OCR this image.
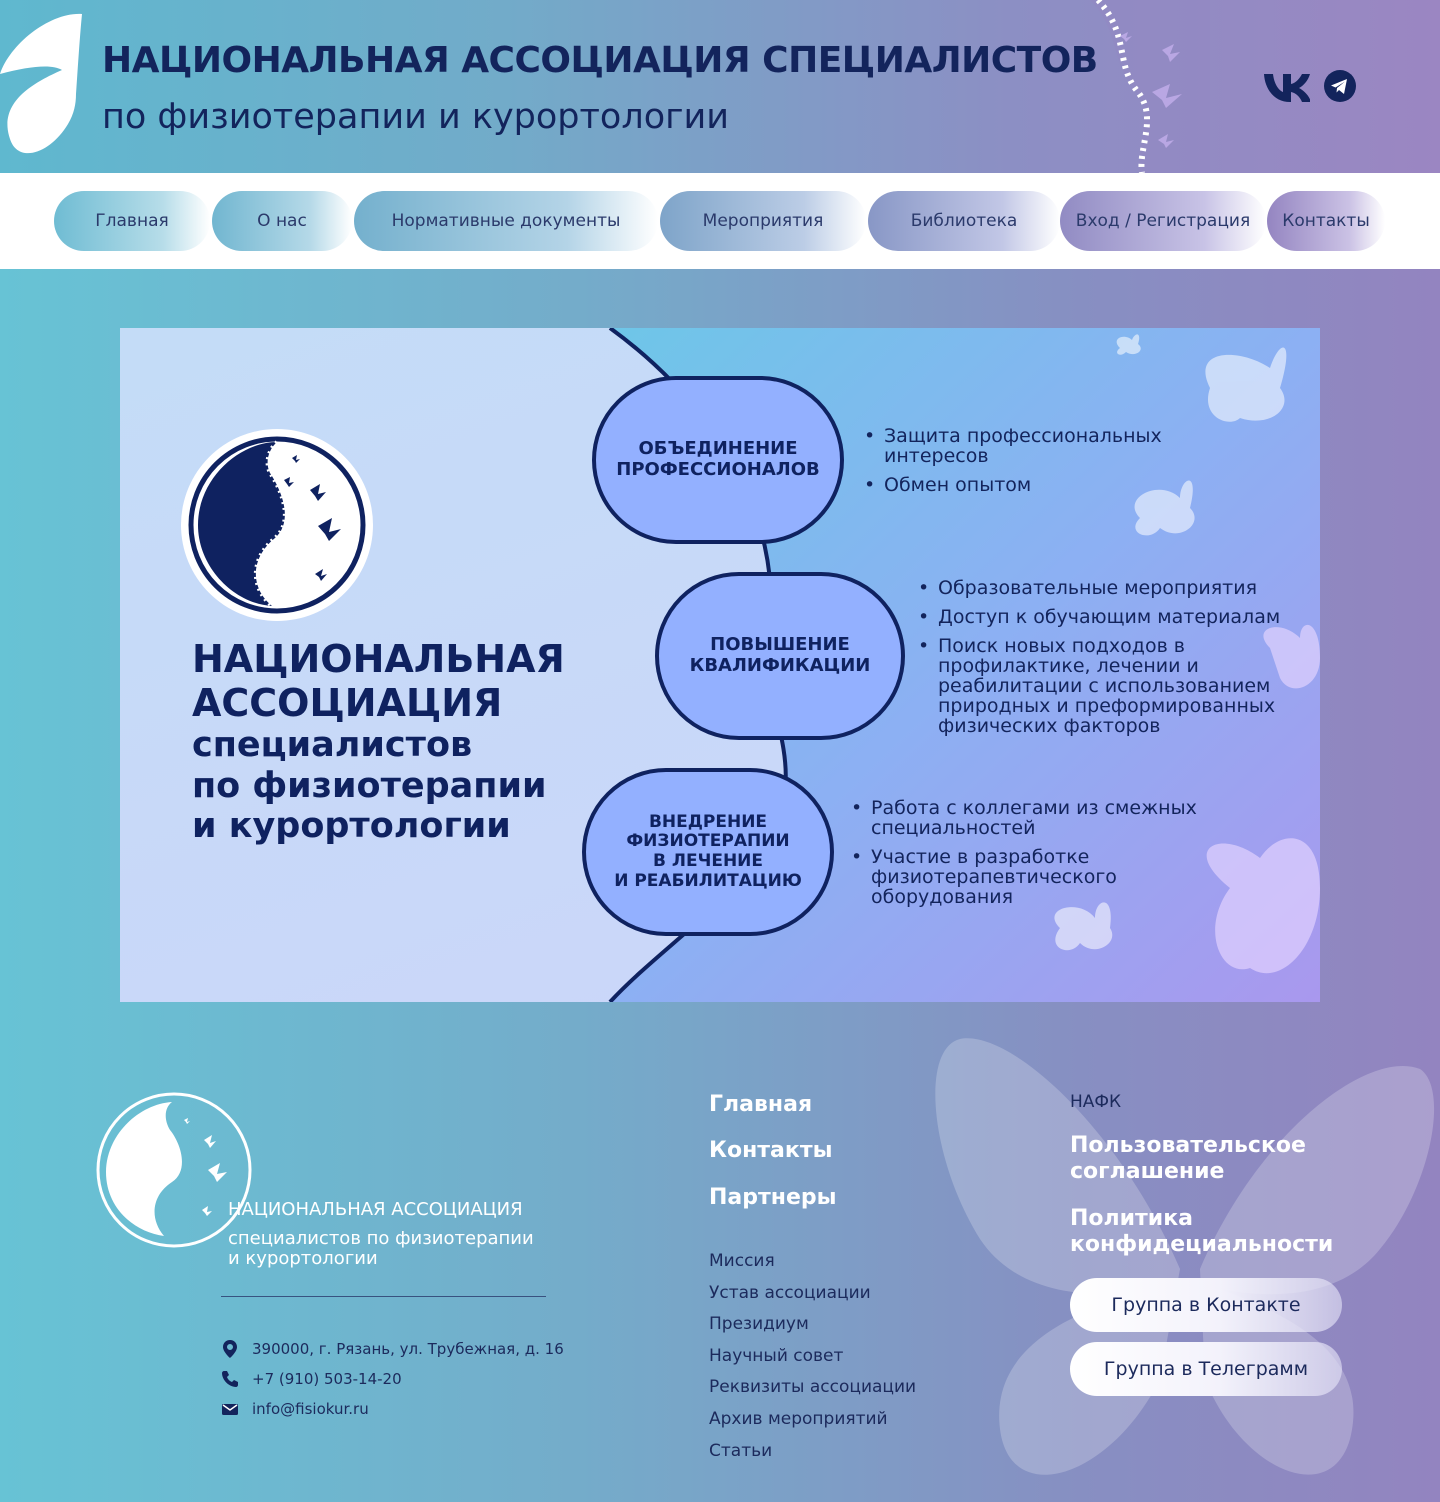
НАЦИОНАЛЬНАЯ АССОЦИАЦИЯ СПЕЦИАЛИСТОВ
по физиотерапии и курортологии
Главная	О нас	Нормативные документы	Мероприятия	Библиотека	Вход / Регистрация	Контакты
НАЦИОНАЛЬНАЯ
АССОЦИАЦИЯ
специалистов
по физиотерапии
и курортологии
ОБЪЕДИНЕНИЕ
ПРОФЕССИОНАЛОВ
• Защита профессиональных интересов
• Обмен опытом
ПОВЫШЕНИЕ
КВАЛИФИКАЦИИ
• Образовательные мероприятия
• Доступ к обучающим материалам
• Поиск новых подходов в профилактике, лечении и реабилитации с использованием природных и преформированных физических факторов
ВНЕДРЕНИЕ
ФИЗИОТЕРАПИИ
В ЛЕЧЕНИЕ
И РЕАБИЛИТАЦИЮ
• Работа с коллегами из смежных специальностей
• Участие в разработке физиотерапевтического оборудования
НАЦИОНАЛЬНАЯ АССОЦИАЦИЯ
специалистов по физиотерапии
и курортологии
390000, г. Рязань, ул. Трубежная, д. 16
+7 (910) 503-14-20
info@fisiokur.ru
Главная
Контакты
Партнеры
Миссия
Устав ассоциации
Президиум
Научный совет
Реквизиты ассоциации
Архив мероприятий
Статьи
НАФК
Пользовательское
соглашение
Политика
конфидециальности
Группа в Контакте
Группа в Телеграмм
